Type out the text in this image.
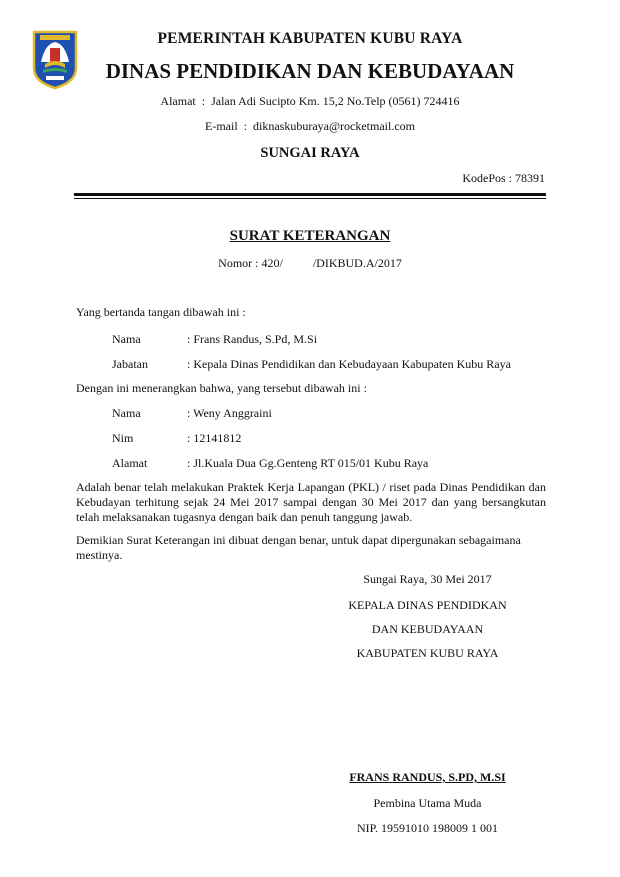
PEMERINTAH KABUPATEN KUBU RAYA
DINAS PENDIDIKAN DAN KEBUDAYAAN
Alamat  :  Jalan Adi Sucipto Km. 15,2 No.Telp (0561) 724416
E-mail  :  diknaskuburaya@rocketmail.com
SUNGAI RAYA
KodePos : 78391
SURAT KETERANGAN
Nomor : 420/	/DIKBUD.A/2017
Yang bertanda tangan dibawah ini :
Nama	: Frans Randus, S.Pd, M.Si
Jabatan	: Kepala Dinas Pendidikan dan Kebudayaan Kabupaten Kubu Raya
Dengan ini menerangkan bahwa, yang tersebut dibawah ini :
Nama	: Weny Anggraini
Nim	: 12141812
Alamat	: Jl.Kuala Dua Gg.Genteng RT 015/01 Kubu Raya
Adalah benar telah melakukan Praktek Kerja Lapangan (PKL) / riset pada Dinas Pendidikan dan Kebudayan terhitung sejak 24 Mei 2017 sampai dengan 30 Mei 2017 dan yang bersangkutan telah melaksanakan tugasnya dengan baik dan penuh tanggung jawab.
Demikian Surat Keterangan ini dibuat dengan benar, untuk dapat dipergunakan sebagaimana mestinya.
Sungai Raya, 30 Mei 2017
KEPALA DINAS PENDIDKAN
DAN KEBUDAYAAN
KABUPATEN KUBU RAYA
FRANS RANDUS, S.PD, M.SI
Pembina Utama Muda
NIP. 19591010 198009 1 001
